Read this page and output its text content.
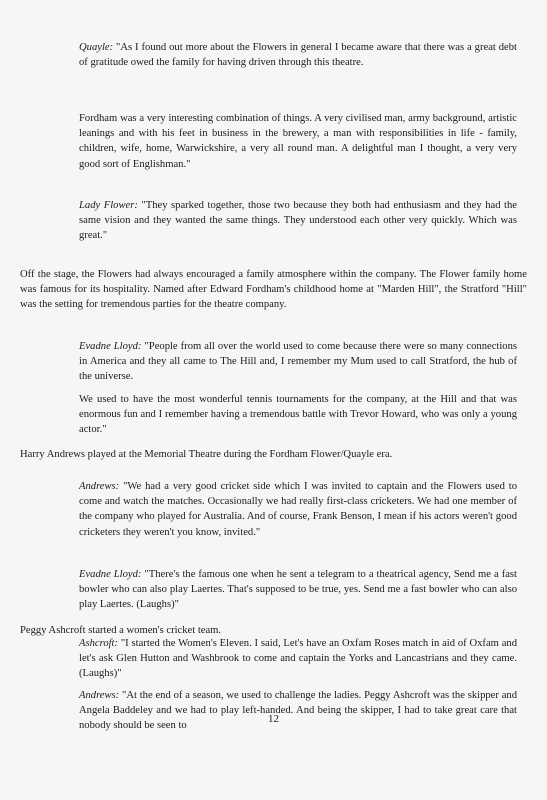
Quayle: "As I found out more about the Flowers in general I became aware that there was a great debt of gratitude owed the family for having driven through this theatre.

Fordham was a very interesting combination of things. A very civilised man, army background, artistic leanings and with his feet in business in the brewery, a man with responsibilities in life - family, children, wife, home, Warwickshire, a very all round man. A delightful man I thought, a very very good sort of Englishman."

Lady Flower: "They sparked together, those two because they both had enthusiasm and they had the same vision and they wanted the same things. They understood each other very quickly. Which was great."

Off the stage, the Flowers had always encouraged a family atmosphere within the company. The Flower family home was famous for its hospitality. Named after Edward Fordham's childhood home at "Marden Hill", the Stratford "Hill" was the setting for tremendous parties for the theatre company.

Evadne Lloyd: "People from all over the world used to come because there were so many connections in America and they all came to The Hill and, I remember my Mum used to call Stratford, the hub of the universe.

We used to have the most wonderful tennis tournaments for the company, at the Hill and that was enormous fun and I remember having a tremendous battle with Trevor Howard, who was only a young actor."

Harry Andrews played at the Memorial Theatre during the Fordham Flower/Quayle era.

Andrews: "We had a very good cricket side which I was invited to captain and the Flowers used to come and watch the matches. Occasionally we had really first-class cricketers. We had one member of the company who played for Australia. And of course, Frank Benson, I mean if his actors weren't good cricketers they weren't you know, invited."

Evadne Lloyd: "There's the famous one when he sent a telegram to a theatrical agency, Send me a fast bowler who can also play Laertes. That's supposed to be true, yes. Send me a fast bowler who can also play Laertes. (Laughs)"

Peggy Ashcroft started a women's cricket team.

Ashcroft: "I started the Women's Eleven. I said, Let's have an Oxfam Roses match in aid of Oxfam and let's ask Glen Hutton and Washbrook to come and captain the Yorks and Lancastrians and they came. (Laughs)"

Andrews: "At the end of a season, we used to challenge the ladies. Peggy Ashcroft was the skipper and Angela Baddeley and we had to play left-handed. And being the skipper, I had to take great care that nobody should be seen to

12
